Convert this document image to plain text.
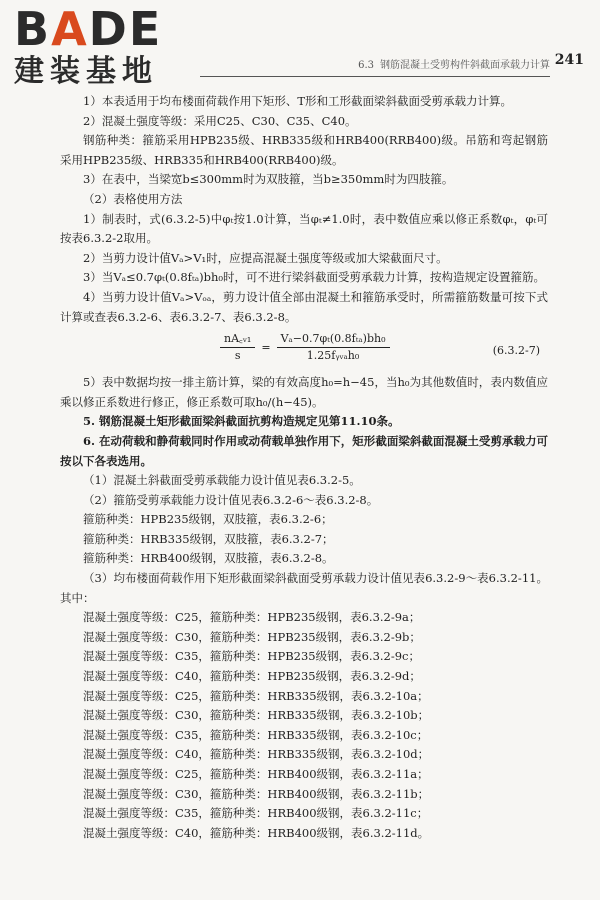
BADE
建装基地	6.3 钢筋混凝土受剪构件斜截面承载力计算 241

1）本表适用于均布楼面荷载作用下矩形、T形和工形截面梁斜截面受剪承载力计算。

2）混凝土强度等级：采用C25、C30、C35、C40。

钢筋种类：箍筋采用HPB235级、HRB335级和HRB400(RRB400)级。吊筋和弯起钢筋采用HPB235级、HRB335和HRB400(RRB400)级。

3）在表中，当梁宽b≤300mm时为双肢箍，当b≥350mm时为四肢箍。

（2）表格使用方法

1）制表时，式(6.3.2-5)中φₜ按1.0计算，当φₜ≠1.0时，表中数值应乘以修正系数φₜ，φₜ可按表6.3.2-2取用。

2）当剪力设计值Vₐ>V₁时，应提高混凝土强度等级或加大梁截面尺寸。

3）当Vₐ≤0.7φₜ(0.8fₜₐ)bh₀时，可不进行梁斜截面受剪承载力计算，按构造规定设置箍筋。

4）当剪力设计值Vₐ>Vₒₐ，剪力设计值全部由混凝土和箍筋承受时，所需箍筋数量可按下式计算或查表6.3.2-6、表6.3.2-7、表6.3.2-8。

$\frac{\text{nA꜀ᵥ₁}}{s} = \frac{\text{Vₐ−0.7φₜ(0.8fₜₐ)bh₀}}{\text{1.25fᵧᵥₐh₀}}$	(6.3.2-7)

5）表中数据均按一排主筋计算，梁的有效高度h₀=h−45，当h₀为其他数值时，表内数值应乘以修正系数进行修正，修正系数可取h₀/(h−45)。

5. 钢筋混凝土矩形截面梁斜截面抗剪构造规定见第11.10条。

6. 在动荷载和静荷载同时作用或动荷载单独作用下，矩形截面梁斜截面混凝土受剪承载力可按以下各表选用。

（1）混凝土斜截面受剪承载能力设计值见表6.3.2-5。

（2）箍筋受剪承载能力设计值见表6.3.2-6～表6.3.2-8。

箍筋种类：HPB235级钢，双肢箍，表6.3.2-6；

箍筋种类：HRB335级钢，双肢箍，表6.3.2-7；

箍筋种类：HRB400级钢，双肢箍，表6.3.2-8。

（3）均布楼面荷载作用下矩形截面梁斜截面受剪承载力设计值见表6.3.2-9～表6.3.2-11。其中：

混凝土强度等级：C25，箍筋种类：HPB235级钢，表6.3.2-9a；

混凝土强度等级：C30，箍筋种类：HPB235级钢，表6.3.2-9b；

混凝土强度等级：C35，箍筋种类：HPB235级钢，表6.3.2-9c；

混凝土强度等级：C40，箍筋种类：HPB235级钢，表6.3.2-9d；

混凝土强度等级：C25，箍筋种类：HRB335级钢，表6.3.2-10a；

混凝土强度等级：C30，箍筋种类：HRB335级钢，表6.3.2-10b；

混凝土强度等级：C35，箍筋种类：HRB335级钢，表6.3.2-10c；

混凝土强度等级：C40，箍筋种类：HRB335级钢，表6.3.2-10d；

混凝土强度等级：C25，箍筋种类：HRB400级钢，表6.3.2-11a；

混凝土强度等级：C30，箍筋种类：HRB400级钢，表6.3.2-11b；

混凝土强度等级：C35，箍筋种类：HRB400级钢，表6.3.2-11c；

混凝土强度等级：C40，箍筋种类：HRB400级钢，表6.3.2-11d。
